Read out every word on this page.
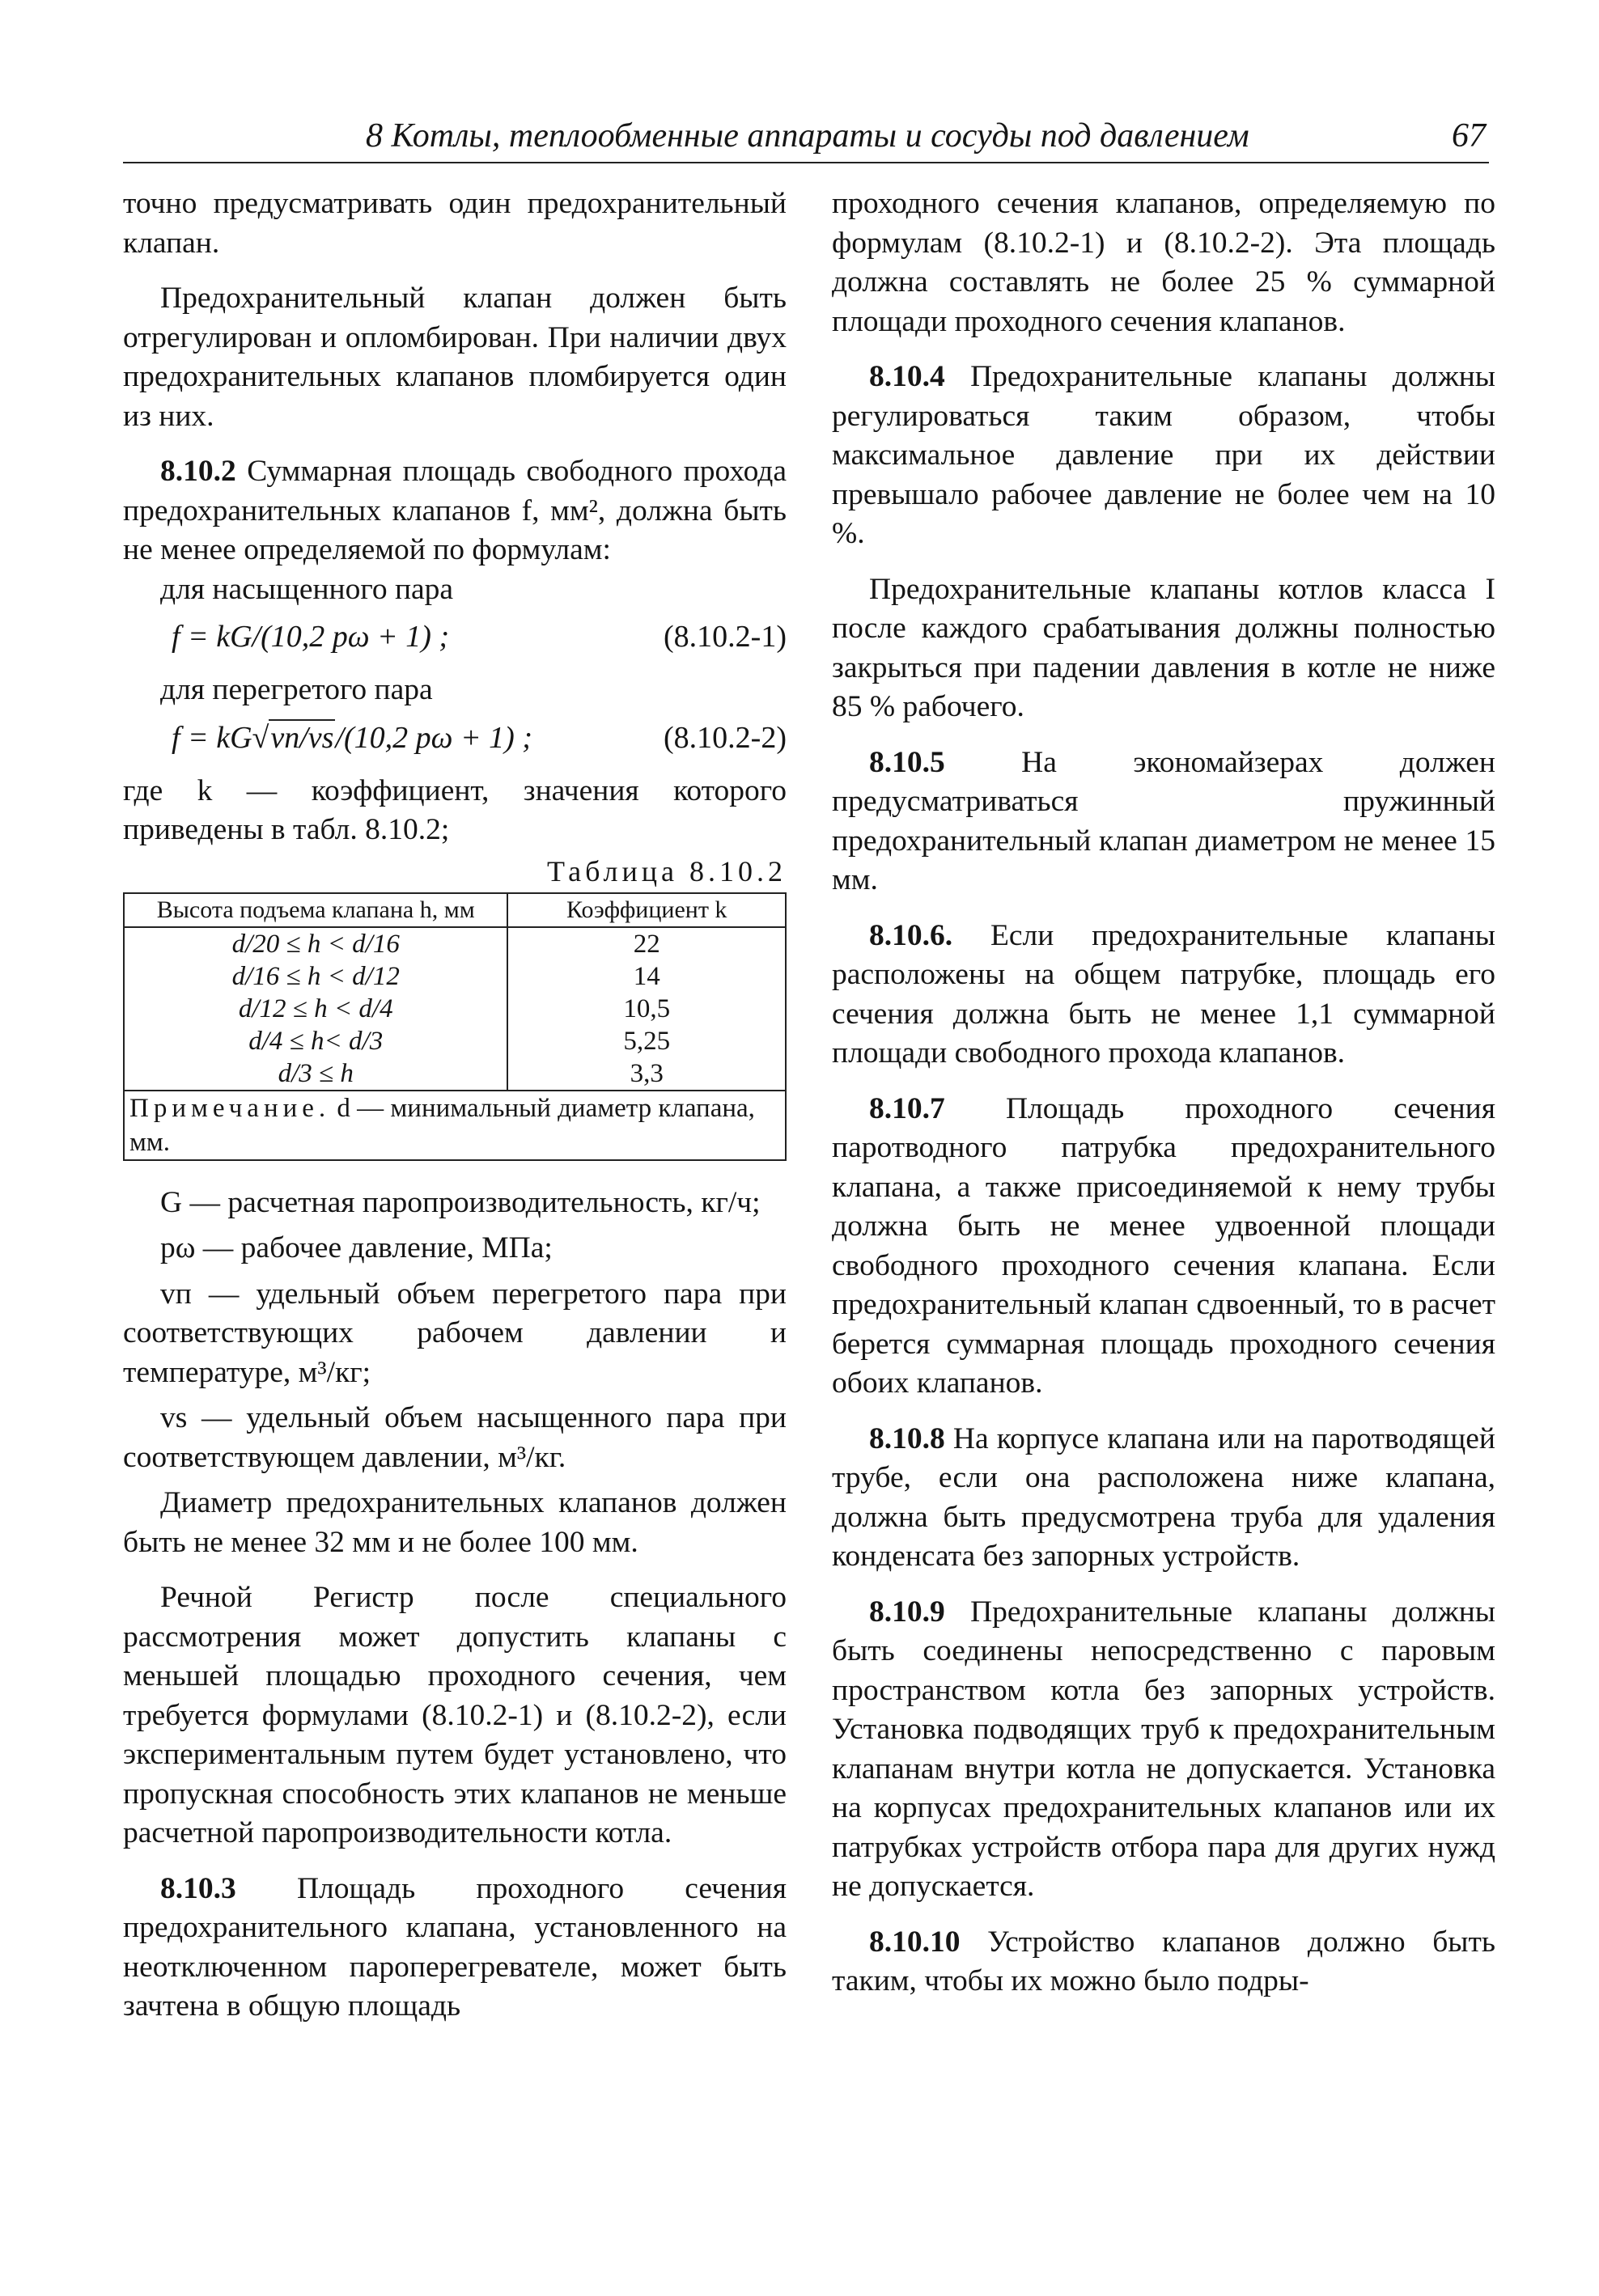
8 Котлы, теплообменные аппараты и сосуды под давлением	67

точно предусматривать один предохранительный клапан.

Предохранительный клапан должен быть отрегулирован и опломбирован. При наличии двух предохранительных клапанов пломбируется один из них.

8.10.2 Суммарная площадь свободного прохода предохранительных клапанов f, мм², должна быть не менее определяемой по формулам:

для насыщенного пара

f = kG/(10,2 pω + 1) ;	(8.10.2-1)

для перегретого пара

f = kG√vп/vs/(10,2 pω + 1) ;	(8.10.2-2)

где k — коэффициент, значения которого приведены в табл. 8.10.2;

Таблица 8.10.2
Высота подъема клапана h, мм	Коэффициент k
d/20 ≤ h < d/16	22
d/16 ≤ h < d/12	14
d/12 ≤ h < d/4	10,5
d/4 ≤ h< d/3	5,25
d/3 ≤ h	3,3
Примечание. d — минимальный диаметр клапана, мм.	

G — расчетная паропроизводительность, кг/ч;

pω — рабочее давление, МПа;

vп — удельный объем перегретого пара при соответствующих рабочем давлении и температуре, м³/кг;

vs — удельный объем насыщенного пара при соответствующем давлении, м³/кг.

Диаметр предохранительных клапанов должен быть не менее 32 мм и не более 100 мм.

Речной Регистр после специального рассмотрения может допустить клапаны с меньшей площадью проходного сечения, чем требуется формулами (8.10.2-1) и (8.10.2-2), если экспериментальным путем будет установлено, что пропускная способность этих клапанов не меньше расчетной паропроизводительности котла.

8.10.3 Площадь проходного сечения предохранительного клапана, установленного на неотключенном пароперегревателе, может быть зачтена в общую площадь

проходного сечения клапанов, определяемую по формулам (8.10.2-1) и (8.10.2-2). Эта площадь должна составлять не более 25 % суммарной площади проходного сечения клапанов.

8.10.4 Предохранительные клапаны должны регулироваться таким образом, чтобы максимальное давление при их действии превышало рабочее давление не более чем на 10 %.

Предохранительные клапаны котлов класса I после каждого срабатывания должны полностью закрыться при падении давления в котле не ниже 85 % рабочего.

8.10.5 На экономайзерах должен предусматриваться пружинный предохранительный клапан диаметром не менее 15 мм.

8.10.6. Если предохранительные клапаны расположены на общем патрубке, площадь его сечения должна быть не менее 1,1 суммарной площади свободного прохода клапанов.

8.10.7 Площадь проходного сечения паротводного патрубка предохранительного клапана, а также присоединяемой к нему трубы должна быть не менее удвоенной площади свободного проходного сечения клапана. Если предохранительный клапан сдвоенный, то в расчет берется суммарная площадь проходного сечения обоих клапанов.

8.10.8 На корпусе клапана или на паротводящей трубе, если она расположена ниже клапана, должна быть предусмотрена труба для удаления конденсата без запорных устройств.

8.10.9 Предохранительные клапаны должны быть соединены непосредственно с паровым пространством котла без запорных устройств. Установка подводящих труб к предохранительным клапанам внутри котла не допускается. Установка на корпусах предохранительных клапанов или их патрубках устройств отбора пара для других нужд не допускается.

8.10.10 Устройство клапанов должно быть таким, чтобы их можно было подры-
